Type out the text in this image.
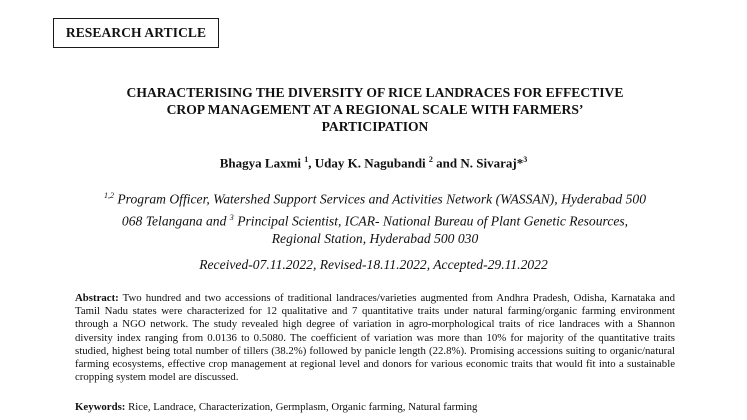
RESEARCH ARTICLE
CHARACTERISING THE DIVERSITY OF RICE LANDRACES FOR EFFECTIVE
CROP MANAGEMENT AT A REGIONAL SCALE WITH FARMERS’
PARTICIPATION
Bhagya Laxmi $^1$, Uday K. Nagubandi $^2$ and N. Sivaraj*$^3$
$^{1,2}$ Program Officer, Watershed Support Services and Activities Network (WASSAN), Hyderabad 500
068 Telangana and $^3$ Principal Scientist, ICAR- National Bureau of Plant Genetic Resources,
Regional Station, Hyderabad 500 030
Received-07.11.2022, Revised-18.11.2022, Accepted-29.11.2022
Abstract: Two hundred and two accessions of traditional landraces/varieties augmented from Andhra Pradesh, Odisha, Karnataka and Tamil Nadu states were characterized for 12 qualitative and 7 quantitative traits under natural farming/organic farming environment through a NGO network. The study revealed high degree of variation in agro-morphological traits of rice landraces with a Shannon diversity index ranging from 0.0136 to 0.5080. The coefficient of variation was more than 10% for majority of the quantitative traits studied, highest being total number of tillers (38.2%) followed by panicle length (22.8%). Promising accessions suiting to organic/natural farming ecosystems, effective crop management at regional level and donors for various economic traits that would fit into a sustainable cropping system model are discussed.
Keywords: Rice, Landrace, Characterization, Germplasm, Organic farming, Natural farming
